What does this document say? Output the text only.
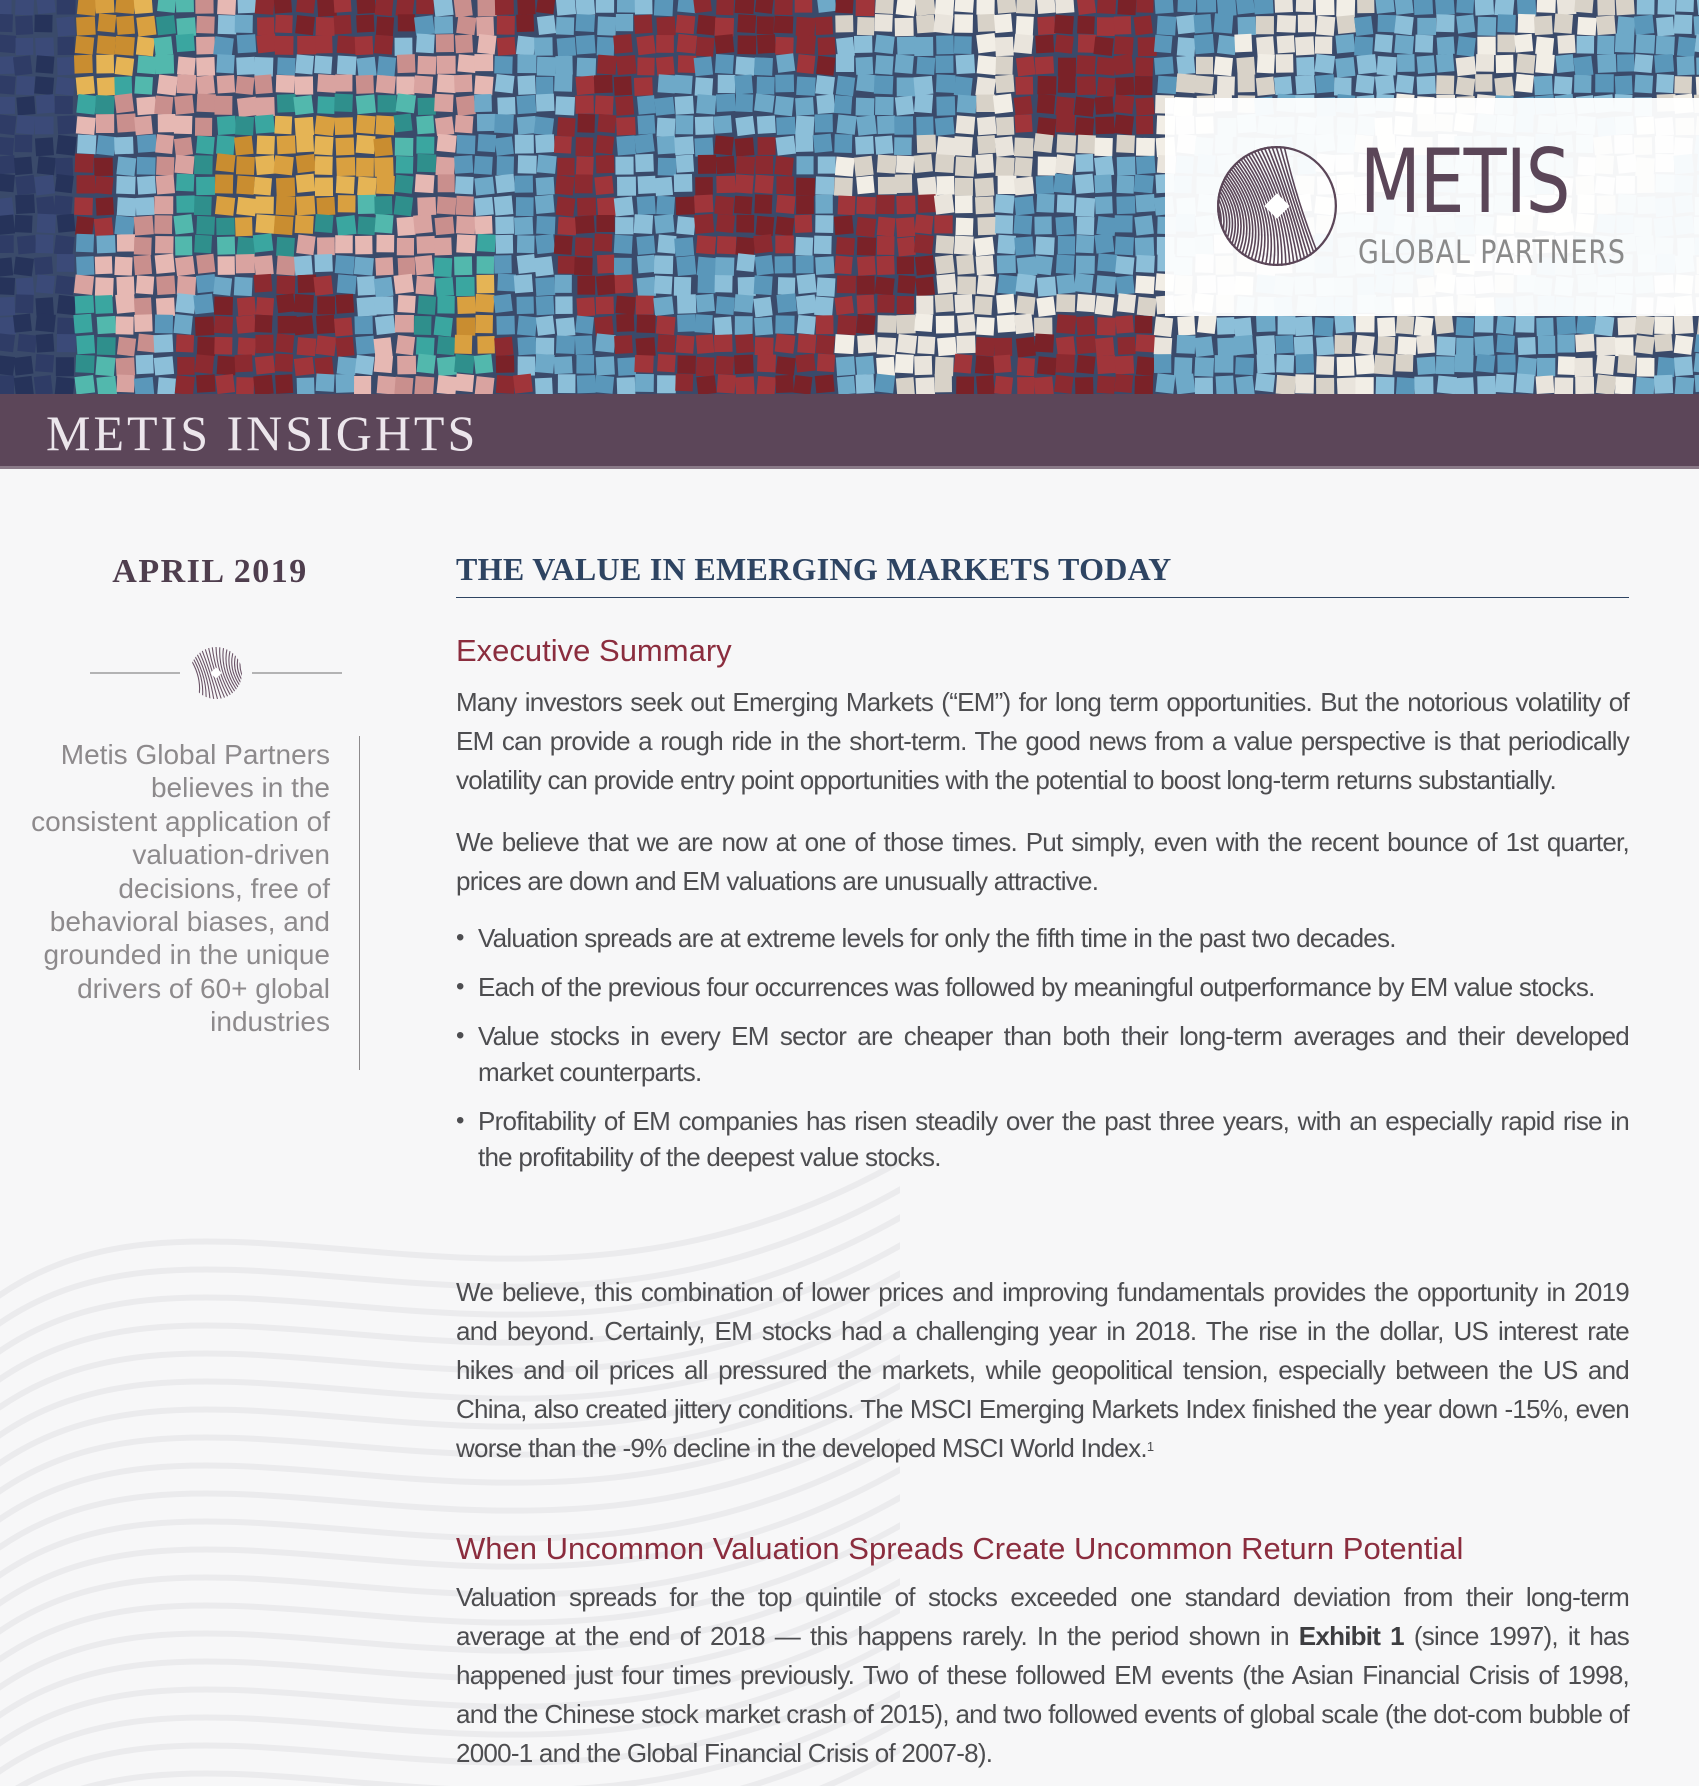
METIS
GLOBAL PARTNERS
METIS INSIGHTS
APRIL 2019
Metis Global Partners believes in the consistent application of valuation-driven decisions, free of behavioral biases, and grounded in the unique drivers of 60+ global industries
THE VALUE IN EMERGING MARKETS TODAY
Executive Summary

Many investors seek out Emerging Markets (“EM”) for long term opportunities. But the notorious volatility of EM can provide a rough ride in the short-term. The good news from a value perspective is that periodically volatility can provide entry point opportunities with the potential to boost long-term returns substantially.

We believe that we are now at one of those times. Put simply, even with the recent bounce of 1st quarter, prices are down and EM valuations are unusually attractive.

• Valuation spreads are at extreme levels for only the fifth time in the past two decades.
• Each of the previous four occurrences was followed by meaningful outperformance by EM value stocks.
• Value stocks in every EM sector are cheaper than both their long-term averages and their developed market counterparts.
• Profitability of EM companies has risen steadily over the past three years, with an especially rapid rise in the profitability of the deepest value stocks.

We believe, this combination of lower prices and improving fundamentals provides the opportunity in 2019 and beyond. Certainly, EM stocks had a challenging year in 2018. The rise in the dollar, US interest rate hikes and oil prices all pressured the markets, while geopolitical tension, especially between the US and China, also created jittery conditions. The MSCI Emerging Markets Index finished the year down -15%, even worse than the -9% decline in the developed MSCI World Index.$^1$

When Uncommon Valuation Spreads Create Uncommon Return Potential

Valuation spreads for the top quintile of stocks exceeded one standard deviation from their long-term average at the end of 2018 — this happens rarely. In the period shown in Exhibit 1 (since 1997), it has happened just four times previously. Two of these followed EM events (the Asian Financial Crisis of 1998, and the Chinese stock market crash of 2015), and two followed events of global scale (the dot-com bubble of 2000-1 and the Global Financial Crisis of 2007-8).
